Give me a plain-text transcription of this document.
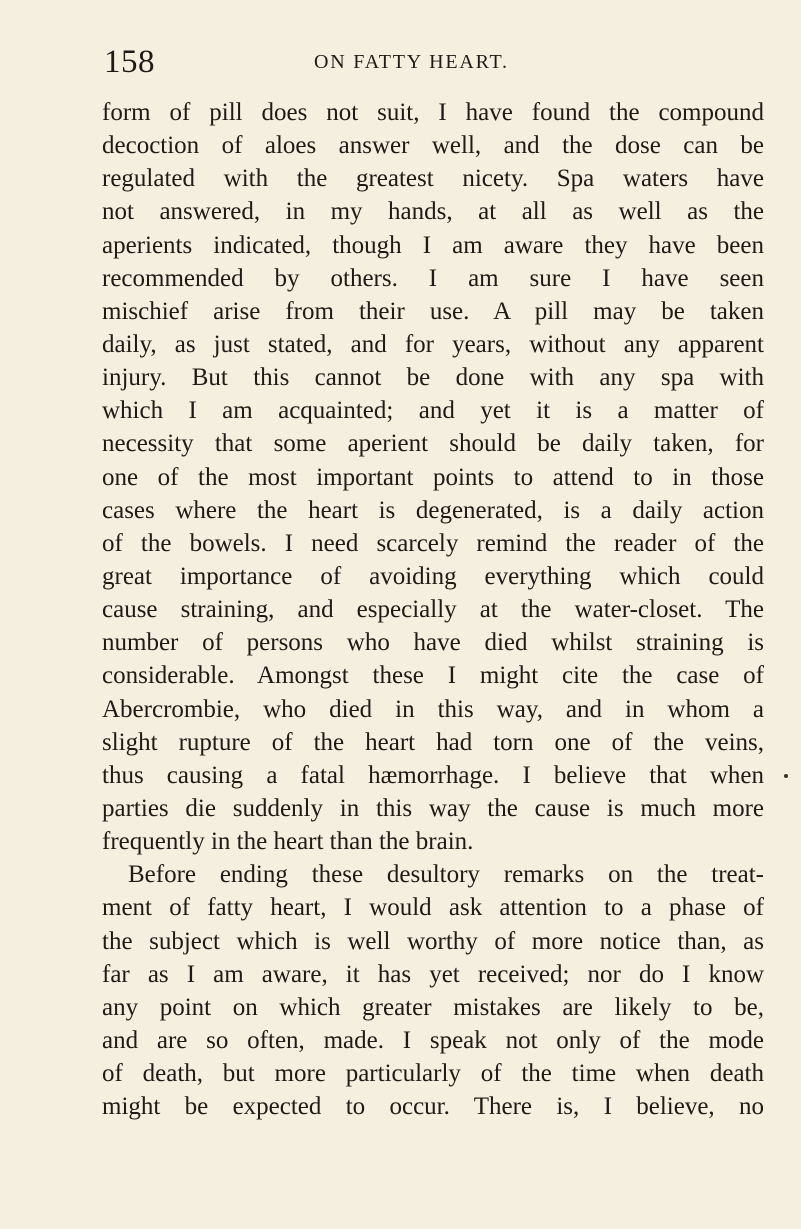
158	ON FATTY HEART.
form of pill does not suit, I have found the compound
decoction of aloes answer well, and the dose can be
regulated with the greatest nicety. Spa waters have
not answered, in my hands, at all as well as the
aperients indicated, though I am aware they have been
recommended by others. I am sure I have seen
mischief arise from their use. A pill may be taken
daily, as just stated, and for years, without any apparent
injury. But this cannot be done with any spa with
which I am acquainted; and yet it is a matter of
necessity that some aperient should be daily taken, for
one of the most important points to attend to in those
cases where the heart is degenerated, is a daily action
of the bowels. I need scarcely remind the reader of the
great importance of avoiding everything which could
cause straining, and especially at the water-closet. The
number of persons who have died whilst straining is
considerable. Amongst these I might cite the case of
Abercrombie, who died in this way, and in whom a
slight rupture of the heart had torn one of the veins,
thus causing a fatal hæmorrhage. I believe that when
parties die suddenly in this way the cause is much more
frequently in the heart than the brain.
Before ending these desultory remarks on the treat-
ment of fatty heart, I would ask attention to a phase of
the subject which is well worthy of more notice than, as
far as I am aware, it has yet received; nor do I know
any point on which greater mistakes are likely to be,
and are so often, made. I speak not only of the mode
of death, but more particularly of the time when death
might be expected to occur. There is, I believe, no
